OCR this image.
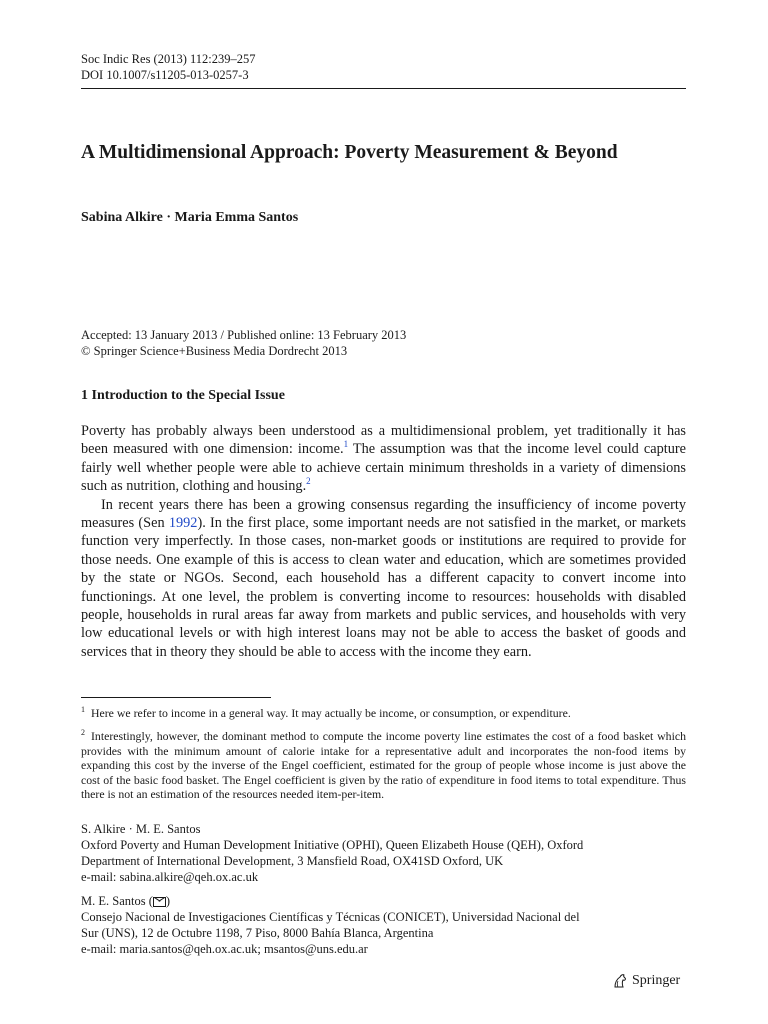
Soc Indic Res (2013) 112:239–257
DOI 10.1007/s11205-013-0257-3
A Multidimensional Approach: Poverty Measurement & Beyond
Sabina Alkire · Maria Emma Santos
Accepted: 13 January 2013 / Published online: 13 February 2013
© Springer Science+Business Media Dordrecht 2013
1 Introduction to the Special Issue

Poverty has probably always been understood as a multidimensional problem, yet traditionally it has been measured with one dimension: income.$^1$ The assumption was that the income level could capture fairly well whether people were able to achieve certain minimum thresholds in a variety of dimensions such as nutrition, clothing and housing.$^2$

In recent years there has been a growing consensus regarding the insufficiency of income poverty measures (Sen 1992). In the first place, some important needs are not satisfied in the market, or markets function very imperfectly. In those cases, non-market goods or institutions are required to provide for those needs. One example of this is access to clean water and education, which are sometimes provided by the state or NGOs. Second, each household has a different capacity to convert income into functionings. At one level, the problem is converting income to resources: households with disabled people, households in rural areas far away from markets and public services, and households with very low educational levels or with high interest loans may not be able to access the basket of goods and services that in theory they should be able to access with the income they earn.

$^1$ Here we refer to income in a general way. It may actually be income, or consumption, or expenditure.

$^2$ Interestingly, however, the dominant method to compute the income poverty line estimates the cost of a food basket which provides with the minimum amount of calorie intake for a representative adult and incorporates the non-food items by expanding this cost by the inverse of the Engel coefficient, estimated for the group of people whose income is just above the cost of the basic food basket. The Engel coefficient is given by the ratio of expenditure in food items to total expenditure. Thus there is not an estimation of the resources needed item-per-item.

S. Alkire · M. E. Santos
Oxford Poverty and Human Development Initiative (OPHI), Queen Elizabeth House (QEH), Oxford
Department of International Development, 3 Mansfield Road, OX41SD Oxford, UK
e-mail: sabina.alkire@qeh.ox.ac.uk
M. E. Santos ( )
Consejo Nacional de Investigaciones Científicas y Técnicas (CONICET), Universidad Nacional del
Sur (UNS), 12 de Octubre 1198, 7 Piso, 8000 Bahía Blanca, Argentina
e-mail: maria.santos@qeh.ox.ac.uk; msantos@uns.edu.ar
Springer
